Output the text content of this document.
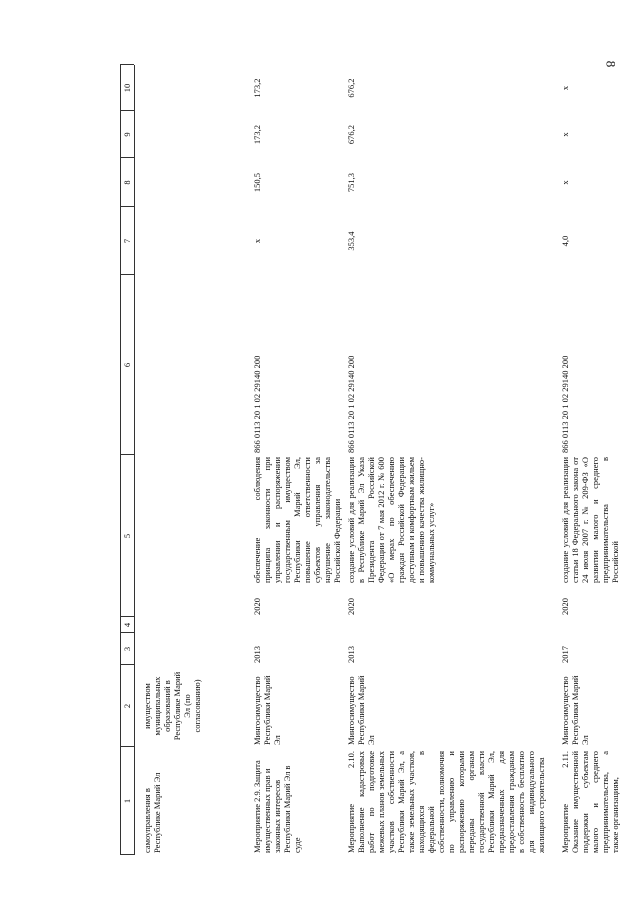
8
1
2
3
4
5
6
7
8
9
10
самоуправления в Республике Марий Эл
имуществом муниципальных образований в Республике Марий Эл (по согласованию)
Мероприятие 2.9. Защита имущественных прав и законных интересов Республики Марий Эл в суде
Мингосимущество Республики Марий Эл
2013
2020
обеспечение соблюдения принципа законности при управлении и распоряжении государственным имуществом Республики Марий Эл, повышение ответственности субъектов управления за нарушение законодательства Российской Федерации
866 0113 20 1 02 29140 200
х
150,5
173,2
173,2
Мероприятие 2.10. Выполнение кадастровых работ по подготовке межевых планов земельных участков собственности Республики Марий Эл, а также земельных участков, находящихся в федеральной собственности, полномочия по управлению и распоряжению которыми переданы органам государственной власти Республики Марий Эл, предназначенных для предоставления гражданам в собственность бесплатно для индивидуального жилищного строительства
Мингосимущество Республики Марий Эл
2013
2020
создание условий для реализации в Республике Марий Эл Указа Президента Российской Федерации от 7 мая 2012 г. № 600 «О мерах по обеспечению граждан Российской Федерации доступным и комфортным жильем и повышению качества жилищно-коммунальных услуг»
866 0113 20 1 02 29140 200
353,4
751,3
676,2
676,2
Мероприятие 2.11. Оказание имущественной поддержки субъектам малого и среднего предпринимательства, а также организациям,
Мингосимущество Республики Марий Эл
2017
2020
создание условий для реализации статьи 18 Федерального закона от 24 июля 2007 г. № 209-ФЗ «О развитии малого и среднего предпринимательства в Российской
866 0113 20 1 02 29140 200
4,0
х
х
х
